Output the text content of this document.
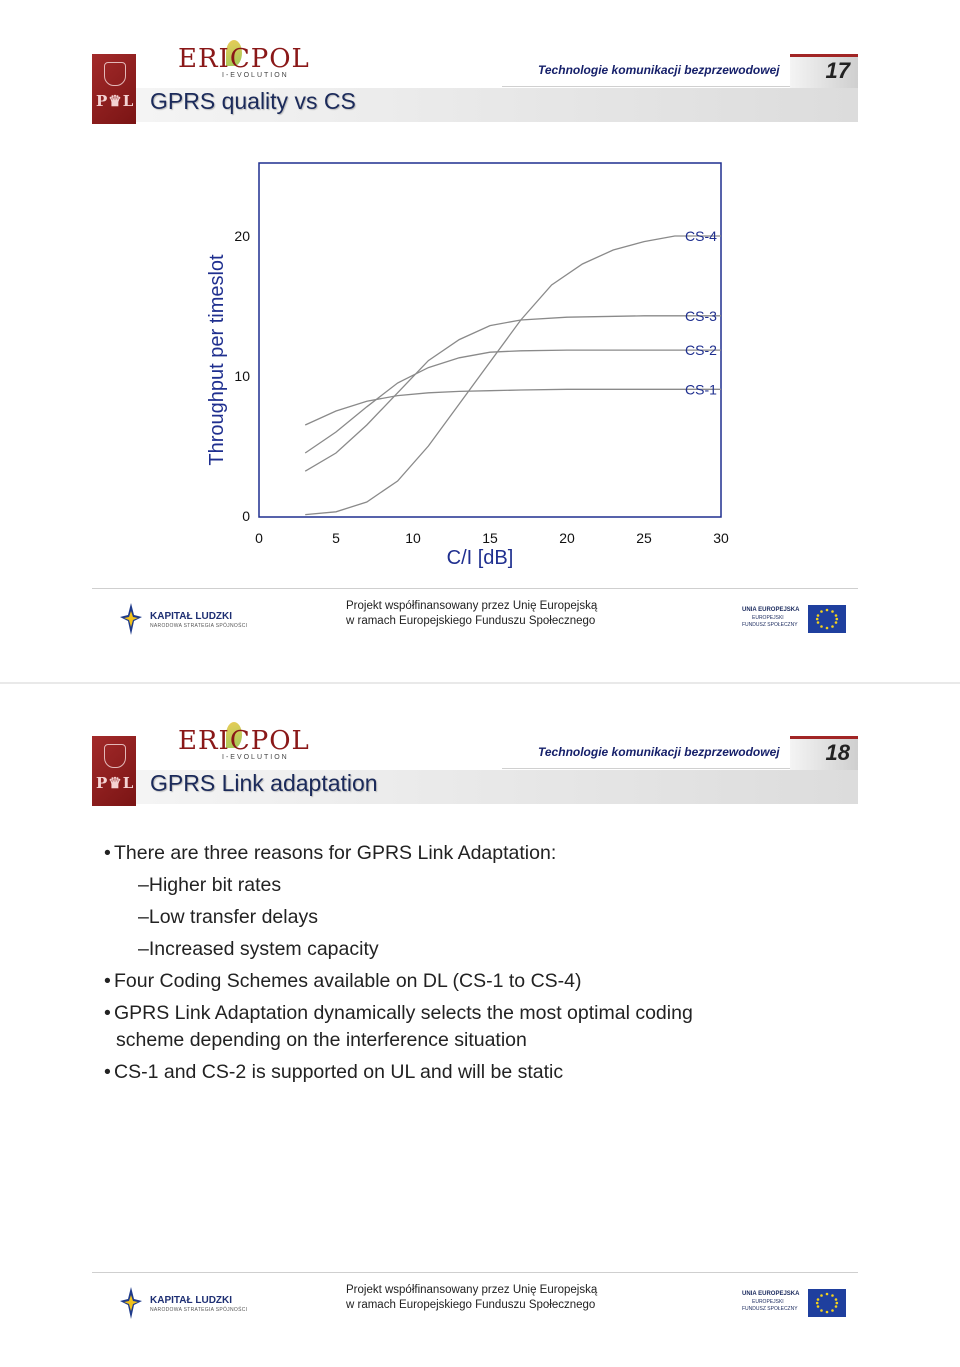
P♛L
ERICPOL
I-EVOLUTION	Technologie komunikacji bezprzewodowej 17
GPRS quality vs CS
0	5	10	15	20	25	30
0
10
20
C/I [dB]
Throughput per timeslot	CS-1
CS-2
CS-3
CS-4
KAPITAŁ LUDZKI
NARODOWA STRATEGIA SPÓJNOŚCI
Projekt współfinansowany przez Unię Europejską
w ramach Europejskiego Funduszu Społecznego
UNIA EUROPEJSKA
EUROPEJSKI
FUNDUSZ SPOŁECZNY
P♛L
ERICPOL
I-EVOLUTION	Technologie komunikacji bezprzewodowej 18
GPRS Link adaptation
• There are three reasons for GPRS Link Adaptation:
–Higher bit rates
–Low transfer delays
–Increased system capacity
• Four Coding Schemes available on DL (CS-1 to CS-4)
• GPRS Link Adaptation dynamically selects the most optimal coding
scheme depending on the interference situation
• CS-1 and CS-2 is supported on UL and will be static
KAPITAŁ LUDZKI
NARODOWA STRATEGIA SPÓJNOŚCI
Projekt współfinansowany przez Unię Europejską
w ramach Europejskiego Funduszu Społecznego
UNIA EUROPEJSKA
EUROPEJSKI
FUNDUSZ SPOŁECZNY
